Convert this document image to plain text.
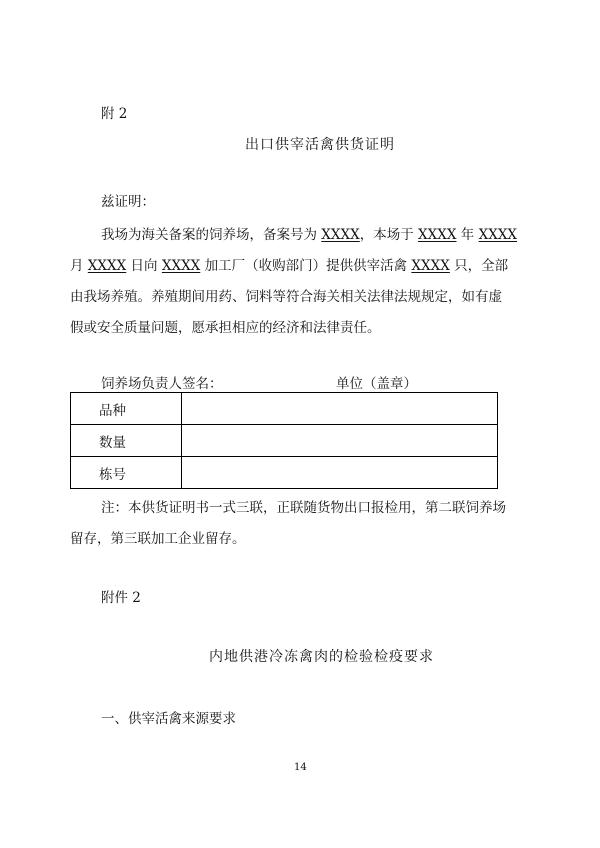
附 2
出口供宰活禽供货证明
兹证明：
我场为海关备案的饲养场，备案号为 XXXX，本场于 XXXX 年 XXXX
月 XXXX 日向 XXXX 加工厂（收购部门）提供供宰活禽 XXXX 只，全部
由我场养殖。养殖期间用药、饲料等符合海关相关法律法规规定，如有虚
假或安全质量问题，愿承担相应的经济和法律责任。
饲养场负责人签名：	单位（盖章）
品种	
数量	
栋号	
注：本供货证明书一式三联，正联随货物出口报检用，第二联饲养场
留存，第三联加工企业留存。
附件 2
内地供港冷冻禽肉的检验检疫要求
一、供宰活禽来源要求
14
